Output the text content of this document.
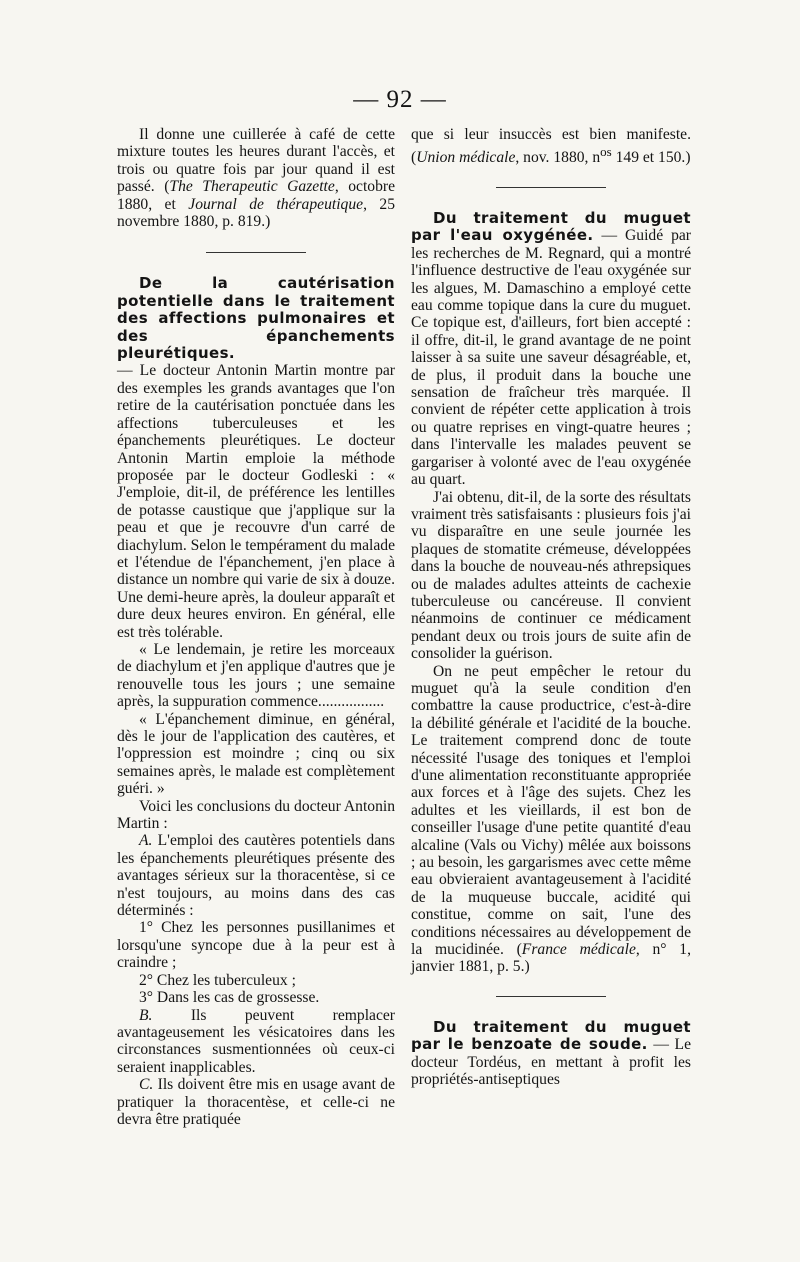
— 92 —

Il donne une cuillerée à café de cette mixture toutes les heures durant l'accès, et trois ou quatre fois par jour quand il est passé. (The Therapeutic Gazette, octobre 1880, et Journal de thérapeutique, 25 novembre 1880, p. 819.)

De la cautérisation potentielle dans le traitement des affections pulmonaires et des épanchements pleurétiques.

— Le docteur Antonin Martin montre par des exemples les grands avantages que l'on retire de la cautérisation ponctuée dans les affections tuberculeuses et les épanchements pleurétiques. Le docteur Antonin Martin emploie la méthode proposée par le docteur Godleski : « J'emploie, dit-il, de préférence les lentilles de potasse caustique que j'applique sur la peau et que je recouvre d'un carré de diachylum. Selon le tempérament du malade et l'étendue de l'épanchement, j'en place à distance un nombre qui varie de six à douze. Une demi-heure après, la douleur apparaît et dure deux heures environ. En général, elle est très tolérable.

« Le lendemain, je retire les morceaux de diachylum et j'en applique d'autres que je renouvelle tous les jours ; une semaine après, la suppuration commence.................

« L'épanchement diminue, en général, dès le jour de l'application des cautères, et l'oppression est moindre ; cinq ou six semaines après, le malade est complètement guéri. »

Voici les conclusions du docteur Antonin Martin :

A. L'emploi des cautères potentiels dans les épanchements pleurétiques présente des avantages sérieux sur la thoracentèse, si ce n'est toujours, au moins dans des cas déterminés :

1° Chez les personnes pusillanimes et lorsqu'une syncope due à la peur est à craindre ;

2° Chez les tuberculeux ;

3° Dans les cas de grossesse.

B. Ils peuvent remplacer avantageusement les vésicatoires dans les circonstances susmentionnées où ceux-ci seraient inapplicables.

C. Ils doivent être mis en usage avant de pratiquer la thoracentèse, et celle-ci ne devra être pratiquée

que si leur insuccès est bien manifeste. (Union médicale, nov. 1880, $n^{os}$ 149 et 150.)

Du traitement du muguet par l'eau oxygénée. — Guidé par les recherches de M. Regnard, qui a montré l'influence destructive de l'eau oxygénée sur les algues, M. Damaschino a employé cette eau comme topique dans la cure du muguet. Ce topique est, d'ailleurs, fort bien accepté : il offre, dit-il, le grand avantage de ne point laisser à sa suite une saveur désagréable, et, de plus, il produit dans la bouche une sensation de fraîcheur très marquée. Il convient de répéter cette application à trois ou quatre reprises en vingt-quatre heures ; dans l'intervalle les malades peuvent se gargariser à volonté avec de l'eau oxygénée au quart.

J'ai obtenu, dit-il, de la sorte des résultats vraiment très satisfaisants : plusieurs fois j'ai vu disparaître en une seule journée les plaques de stomatite crémeuse, développées dans la bouche de nouveau-nés athrepsiques ou de malades adultes atteints de cachexie tuberculeuse ou cancéreuse. Il convient néanmoins de continuer ce médicament pendant deux ou trois jours de suite afin de consolider la guérison.

On ne peut empêcher le retour du muguet qu'à la seule condition d'en combattre la cause productrice, c'est-à-dire la débilité générale et l'acidité de la bouche. Le traitement comprend donc de toute nécessité l'usage des toniques et l'emploi d'une alimentation reconstituante appropriée aux forces et à l'âge des sujets. Chez les adultes et les vieillards, il est bon de conseiller l'usage d'une petite quantité d'eau alcaline (Vals ou Vichy) mêlée aux boissons ; au besoin, les gargarismes avec cette même eau obvieraient avantageusement à l'acidité de la muqueuse buccale, acidité qui constitue, comme on sait, l'une des conditions nécessaires au développement de la mucidinée. (France médicale, n° 1, janvier 1881, p. 5.)

Du traitement du muguet par le benzoate de soude. — Le docteur Tordéus, en mettant à profit les propriétés-antiseptiques
